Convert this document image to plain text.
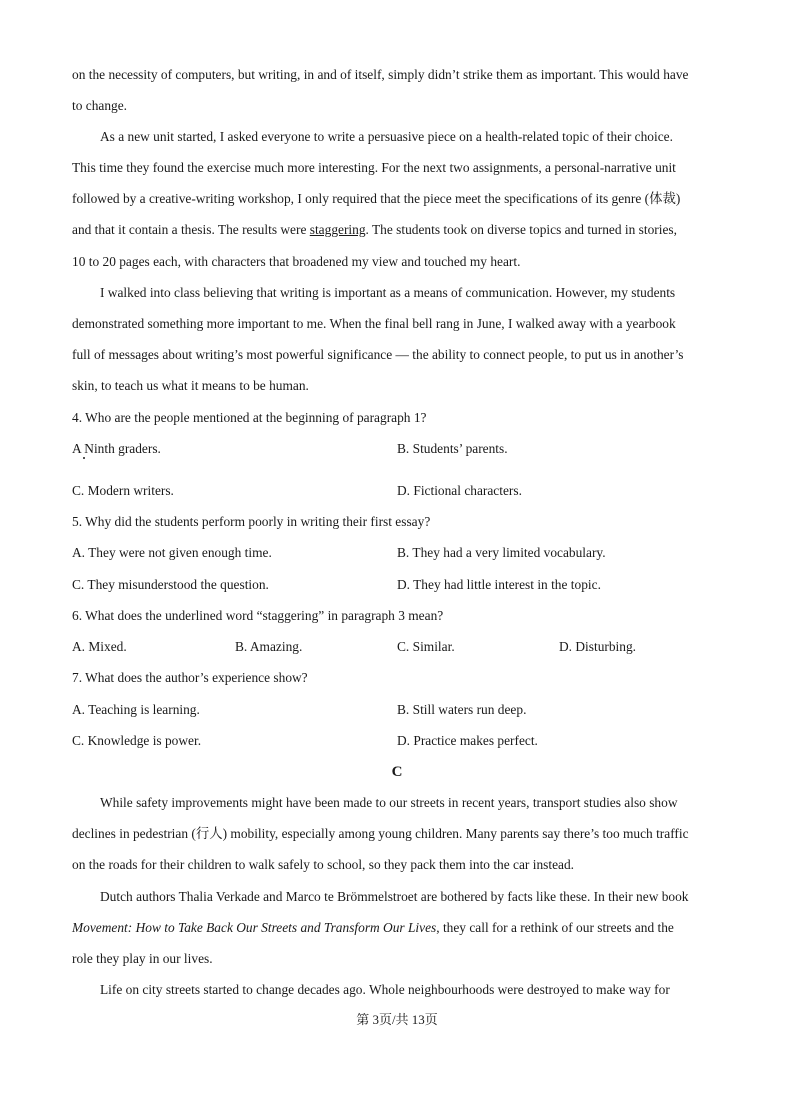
on the necessity of computers, but writing, in and of itself, simply didn’t strike them as important. This would have
to change.
As a new unit started, I asked everyone to write a persuasive piece on a health-related topic of their choice.
This time they found the exercise much more interesting. For the next two assignments, a personal-narrative unit
followed by a creative-writing workshop, I only required that the piece meet the specifications of its genre (体裁)
and that it contain a thesis. The results were staggering. The students took on diverse topics and turned in stories,
10 to 20 pages each, with characters that broadened my view and touched my heart.
I walked into class believing that writing is important as a means of communication. However, my students
demonstrated something more important to me. When the final bell rang in June, I walked away with a yearbook
full of messages about writing’s most powerful significance — the ability to connect people, to put us in another’s
skin, to teach us what it means to be human.
4. Who are the people mentioned at the beginning of paragraph 1?
A Ninth graders.	B. Students’ parents.
C. Modern writers.	D. Fictional characters.
5. Why did the students perform poorly in writing their first essay?
A. They were not given enough time.	B. They had a very limited vocabulary.
C. They misunderstood the question.	D. They had little interest in the topic.
6. What does the underlined word “staggering” in paragraph 3 mean?
A. Mixed.	B. Amazing.	C. Similar.	D. Disturbing.
7. What does the author’s experience show?
A. Teaching is learning.	B. Still waters run deep.
C. Knowledge is power.	D. Practice makes perfect.
C
While safety improvements might have been made to our streets in recent years, transport studies also show
declines in pedestrian (行人) mobility, especially among young children. Many parents say there’s too much traffic
on the roads for their children to walk safely to school, so they pack them into the car instead.
Dutch authors Thalia Verkade and Marco te Brömmelstroet are bothered by facts like these. In their new book
Movement: How to Take Back Our Streets and Transform Our Lives, they call for a rethink of our streets and the
role they play in our lives.
Life on city streets started to change decades ago. Whole neighbourhoods were destroyed to make way for
第 3页/共 13页
